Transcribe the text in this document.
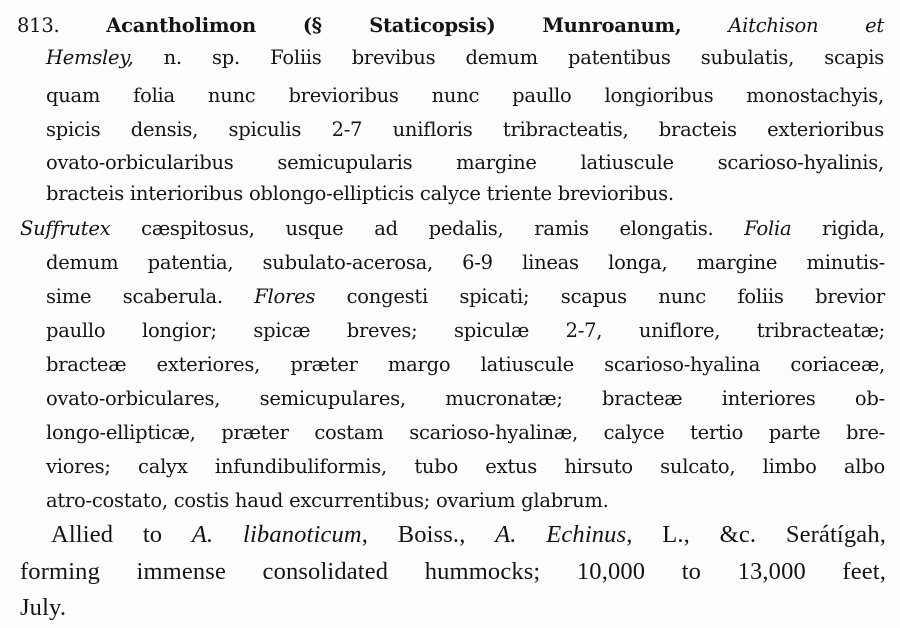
813. Acantholimon (§ Staticopsis) Munroanum, Aitchison et
Hemsley, n. sp. Foliis brevibus demum patentibus subulatis, scapis
quam folia nunc brevioribus nunc paullo longioribus monostachyis,
spicis densis, spiculis 2-7 unifloris tribracteatis, bracteis exterioribus
ovato-orbicularibus semicupularis margine latiuscule scarioso-hyalinis,
bracteis interioribus oblongo-ellipticis calyce triente brevioribus.
Suffrutex cæspitosus, usque ad pedalis, ramis elongatis. Folia rigida,
demum patentia, subulato-acerosa, 6-9 lineas longa, margine minutis-
sime scaberula. Flores congesti spicati; scapus nunc foliis brevior
paullo longior; spicæ breves; spiculæ 2-7, uniflore, tribracteatæ;
bracteæ exteriores, præter margo latiuscule scarioso-hyalina coriaceæ,
ovato-orbiculares, semicupulares, mucronatæ; bracteæ interiores ob-
longo-ellipticæ, præter costam scarioso-hyalinæ, calyce tertio parte bre-
viores; calyx infundibuliformis, tubo extus hirsuto sulcato, limbo albo
atro-costato, costis haud excurrentibus; ovarium glabrum.
Allied to A. libanoticum, Boiss., A. Echinus, L., &c. Serátígah,
forming immense consolidated hummocks; 10,000 to 13,000 feet,
July.
